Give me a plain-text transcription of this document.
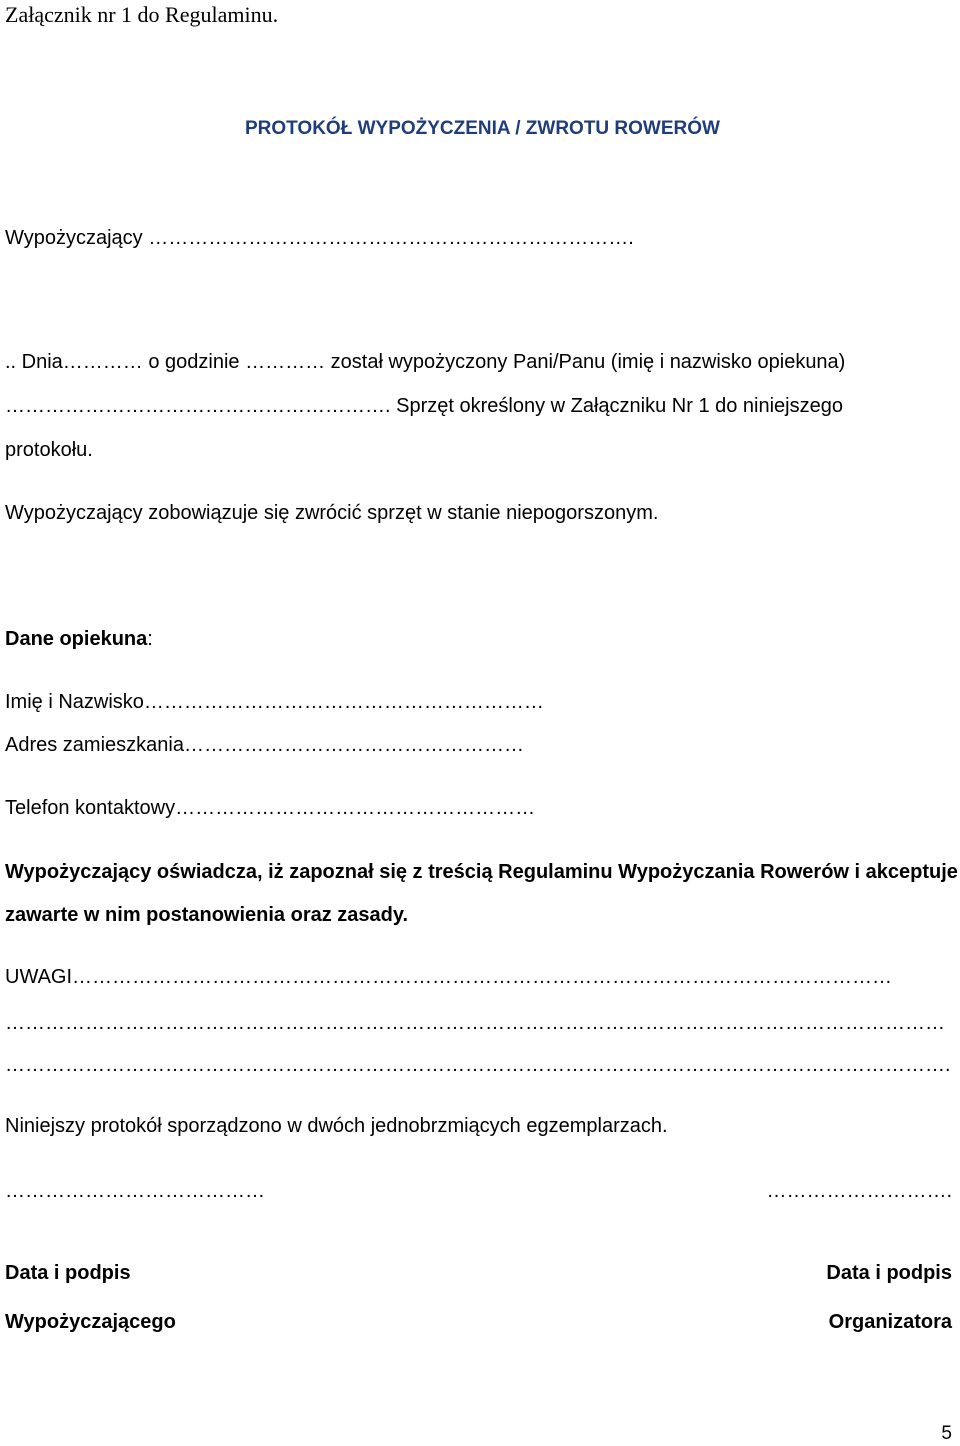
Załącznik nr 1 do Regulaminu.
PROTOKÓŁ WYPOŻYCZENIA / ZWROTU ROWERÓW
Wypożyczający ……………………………………………………………….
.. Dnia………… o godzinie ………… został wypożyczony Pani/Panu (imię i nazwisko opiekuna)
…………………………………………………. Sprzęt określony w Załączniku Nr 1 do niniejszego
protokołu.
Wypożyczający zobowiązuje się zwrócić sprzęt w stanie niepogorszonym.
Dane opiekuna:
Imię i Nazwisko……………………………………………………
Adres zamieszkania……………………………………………
Telefon kontaktowy………………………………………………
Wypożyczający oświadcza, iż zapoznał się z treścią Regulaminu Wypożyczania Rowerów i akceptuje
zawarte w nim postanowienia oraz zasady.
UWAGI……………………………………………………………………………………………………………
……………………………………………………………………………………………………………………………
…………………………………………………………………………………………………………………………….
Niniejszy protokół sporządzono w dwóch jednobrzmiących egzemplarzach.
…………………………………	……………………….
Data i podpis	Data i podpis
Wypożyczającego	Organizatora
5
